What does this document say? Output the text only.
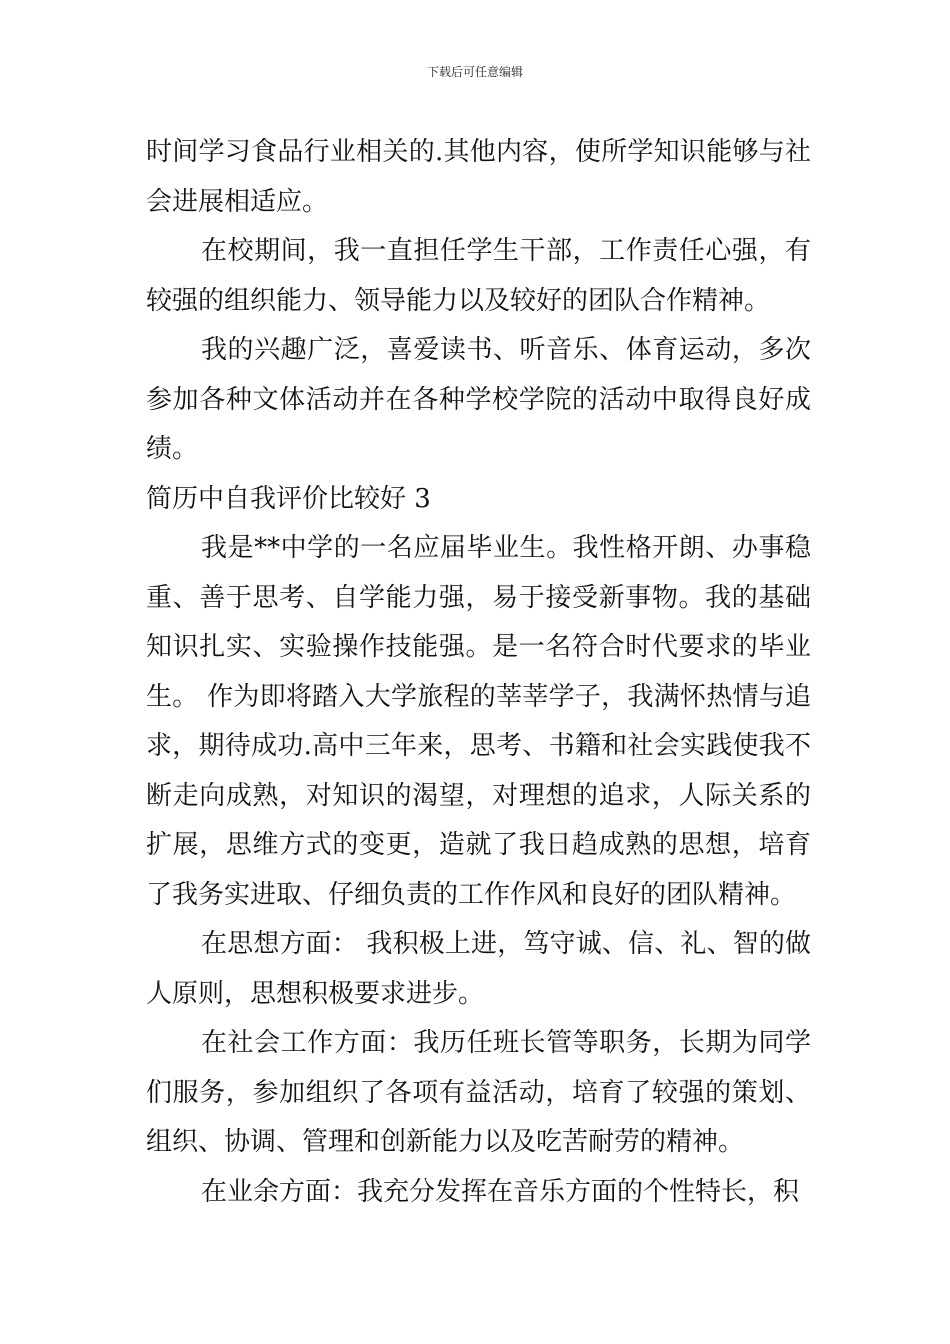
下载后可任意编辑

时间学习食品行业相关的.其他内容，使所学知识能够与社会进展相适应。

在校期间，我一直担任学生干部，工作责任心强，有较强的组织能力、领导能力以及较好的团队合作精神。

我的兴趣广泛，喜爱读书、听音乐、体育运动，多次参加各种文体活动并在各种学校学院的活动中取得良好成绩。

简历中自我评价比较好 3

我是**中学的一名应届毕业生。我性格开朗、办事稳重、善于思考、自学能力强，易于接受新事物。我的基础知识扎实、实验操作技能强。是一名符合时代要求的毕业生。 作为即将踏入大学旅程的莘莘学子，我满怀热情与追求，期待成功.高中三年来，思考、书籍和社会实践使我不断走向成熟，对知识的渴望，对理想的追求，人际关系的扩展，思维方式的变更，造就了我日趋成熟的思想，培育了我务实进取、仔细负责的工作作风和良好的团队精神。

在思想方面： 我积极上进，笃守诚、信、礼、智的做人原则，思想积极要求进步。

在社会工作方面：我历任班长管等职务，长期为同学们服务，参加组织了各项有益活动，培育了较强的策划、组织、协调、管理和创新能力以及吃苦耐劳的精神。

在业余方面：我充分发挥在音乐方面的个性特长，积
